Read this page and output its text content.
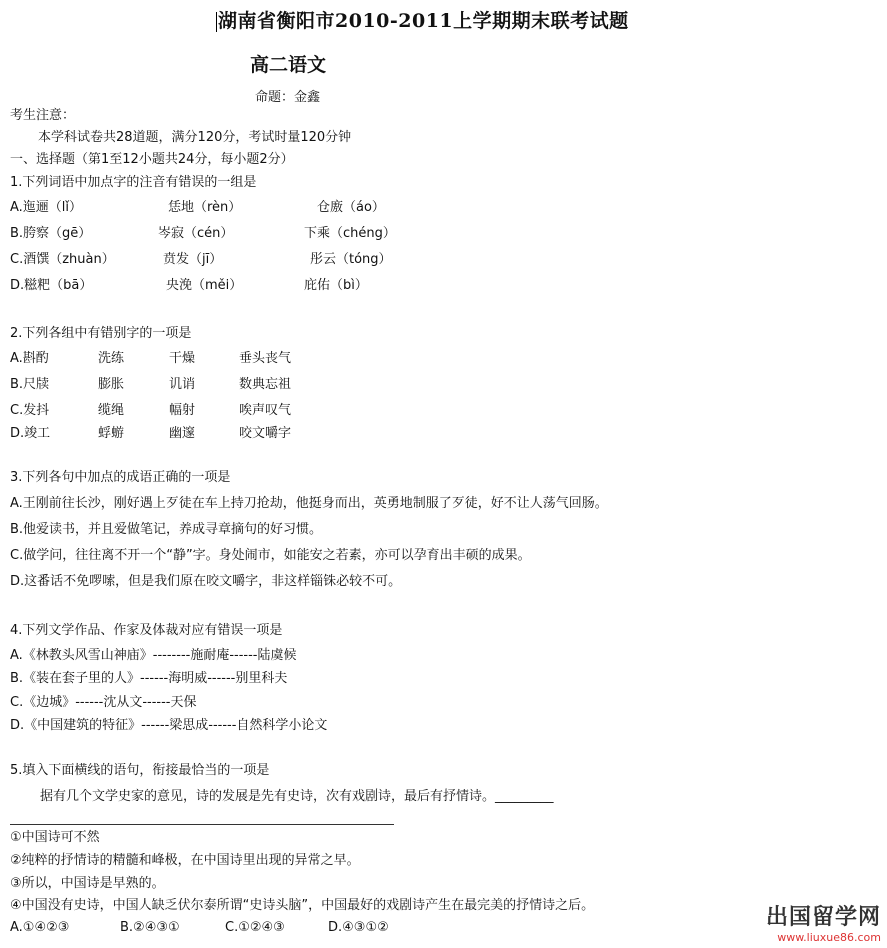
湖南省衡阳市2010-2011上学期期末联考试题
高二语文
命题：金鑫
考生注意：
本学科试卷共28道题，满分120分，考试时量120分钟
一、选择题（第1至12小题共24分，每小题2分）
1.下列词语中加点字的注音有错误的一组是
A.迤逦（lǐ）	恁地（rèn）	仓廒（áo）
B.胯察（gē）	岑寂（cén）	下乘（chéng）
C.酒馔（zhuàn）	贲发（jī）	彤云（tóng）
D.糍粑（bā）	央浼（měi）	庇佑（bì）
2.下列各组中有错别字的一项是
A.斟酌	洗练	干燥	垂头丧气
B.尺牍	膨胀	讥诮	数典忘祖
C.发抖	缆绳	幅射	唉声叹气
D.竣工	蜉蝣	幽邃	咬文嚼字
3.下列各句中加点的成语正确的一项是
A.王刚前往长沙，刚好遇上歹徒在车上持刀抢劫，他挺身而出，英勇地制服了歹徒，好不让人荡气回肠。
B.他爱读书，并且爱做笔记，养成寻章摘句的好习惯。
C.做学问，往往离不开一个“静”字。身处闹市，如能安之若素，亦可以孕育出丰硕的成果。
D.这番话不免啰嗦，但是我们原在咬文嚼字，非这样锱铢必较不可。
4.下列文学作品、作家及体裁对应有错误一项是
A.《林教头风雪山神庙》--------施耐庵------陆虞候
B.《装在套子里的人》------海明威------别里科夫
C.《边城》------沈从文------天保
D.《中国建筑的特征》------梁思成------自然科学小论文
5.填入下面横线的语句，衔接最恰当的一项是
据有几个文学史家的意见，诗的发展是先有史诗，次有戏剧诗，最后有抒情诗。_________
①中国诗可不然
②纯粹的抒情诗的精髓和峰极，在中国诗里出现的异常之早。
③所以，中国诗是早熟的。
④中国没有史诗，中国人缺乏伏尔泰所谓“史诗头脑”，中国最好的戏剧诗产生在最完美的抒情诗之后。
A.①④②③	B.②④③①	C.①②④③	D.④③①②	出国留学网
www.liuxue86.com
